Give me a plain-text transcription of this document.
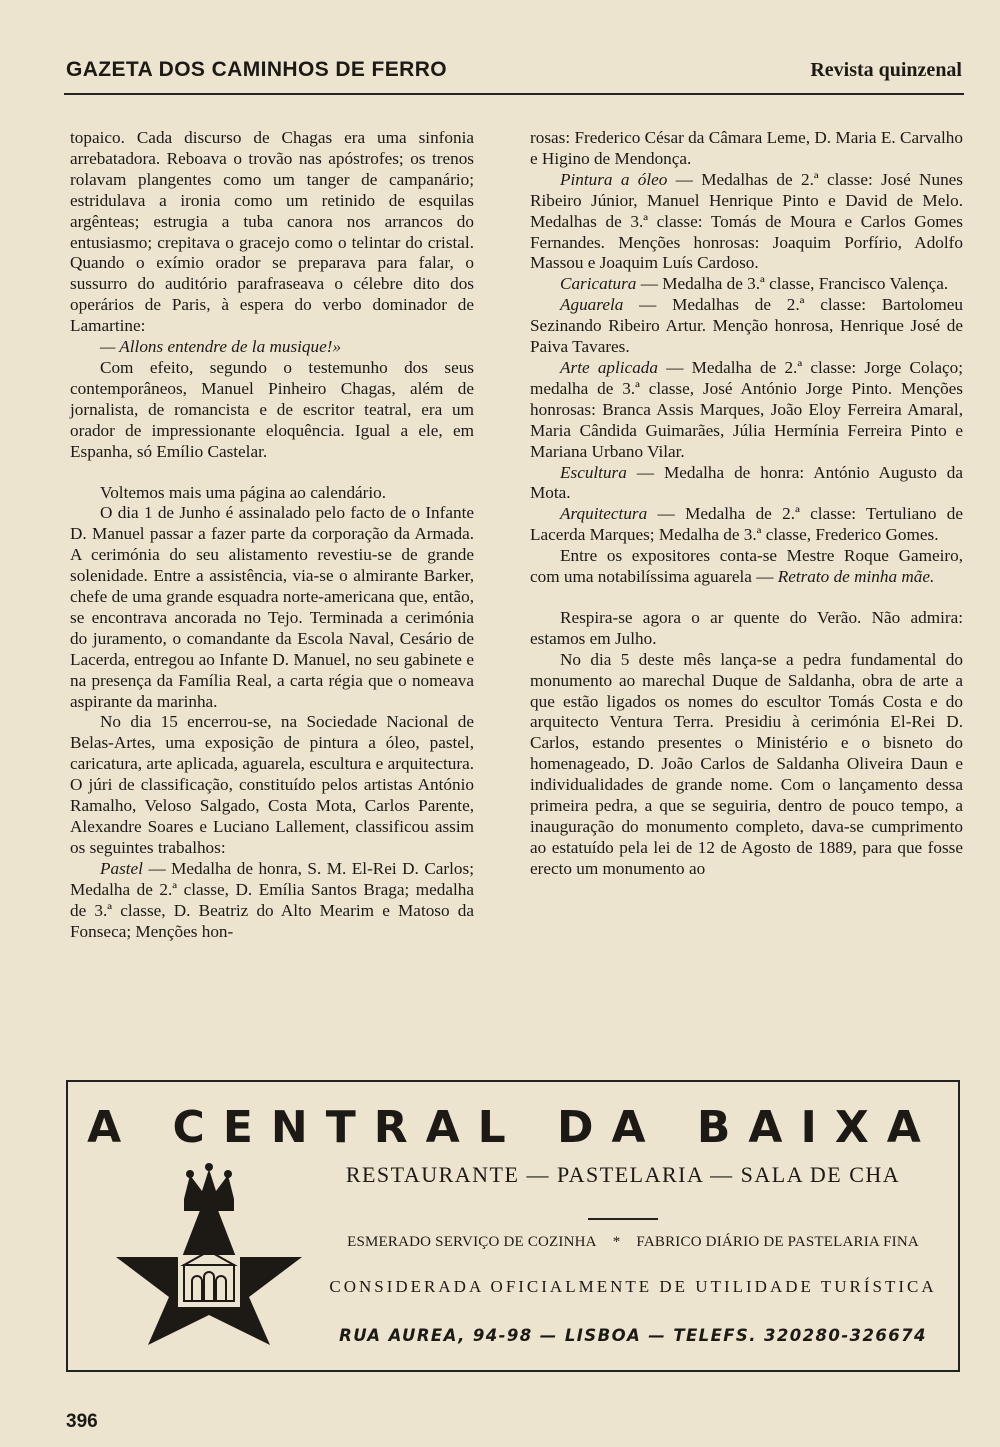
GAZETA DOS CAMINHOS DE FERRO	Revista quinzenal

topaico. Cada discurso de Chagas era uma sinfonia arrebatadora. Reboava o trovão nas apóstrofes; os trenos rolavam plangentes como um tanger de campanário; estridulava a ironia como um retinido de esquilas argênteas; estrugia a tuba canora nos arrancos do entusiasmo; crepitava o gracejo como o telintar do cristal. Quando o exímio orador se preparava para falar, o sussurro do auditório parafraseava o célebre dito dos operários de Paris, à espera do verbo dominador de Lamartine:

— Allons entendre de la musique!»

Com efeito, segundo o testemunho dos seus contemporâneos, Manuel Pinheiro Chagas, além de jornalista, de romancista e de escritor teatral, era um orador de impressionante eloquência. Igual a ele, em Espanha, só Emílio Castelar.

Voltemos mais uma página ao calendário.

O dia 1 de Junho é assinalado pelo facto de o Infante D. Manuel passar a fazer parte da corporação da Armada. A cerimónia do seu alistamento revestiu-se de grande solenidade. Entre a assistência, via-se o almirante Barker, chefe de uma grande esquadra norte-americana que, então, se encontrava ancorada no Tejo. Terminada a cerimónia do juramento, o comandante da Escola Naval, Cesário de Lacerda, entregou ao Infante D. Manuel, no seu gabinete e na presença da Família Real, a carta régia que o nomeava aspirante da marinha.

No dia 15 encerrou-se, na Sociedade Nacional de Belas-Artes, uma exposição de pintura a óleo, pastel, caricatura, arte aplicada, aguarela, escultura e arquitectura. O júri de classificação, constituído pelos artistas António Ramalho, Veloso Salgado, Costa Mota, Carlos Parente, Alexandre Soares e Luciano Lallement, classificou assim os seguintes trabalhos:

Pastel — Medalha de honra, S. M. El-Rei D. Carlos; Medalha de 2.ª classe, D. Emília Santos Braga; medalha de 3.ª classe, D. Beatriz do Alto Mearim e Matoso da Fonseca; Menções hon-

rosas: Frederico César da Câmara Leme, D. Maria E. Carvalho e Higino de Mendonça.

Pintura a óleo — Medalhas de 2.ª classe: José Nunes Ribeiro Júnior, Manuel Henrique Pinto e David de Melo. Medalhas de 3.ª classe: Tomás de Moura e Carlos Gomes Fernandes. Menções honrosas: Joaquim Porfírio, Adolfo Massou e Joaquim Luís Cardoso.

Caricatura — Medalha de 3.ª classe, Francisco Valença.

Aguarela — Medalhas de 2.ª classe: Bartolomeu Sezinando Ribeiro Artur. Menção honrosa, Henrique José de Paiva Tavares.

Arte aplicada — Medalha de 2.ª classe: Jorge Colaço; medalha de 3.ª classe, José António Jorge Pinto. Menções honrosas: Branca Assis Marques, João Eloy Ferreira Amaral, Maria Cândida Guimarães, Júlia Hermínia Ferreira Pinto e Mariana Urbano Vilar.

Escultura — Medalha de honra: António Augusto da Mota.

Arquitectura — Medalha de 2.ª classe: Tertuliano de Lacerda Marques; Medalha de 3.ª classe, Frederico Gomes.

Entre os expositores conta-se Mestre Roque Gameiro, com uma notabilíssima aguarela — Retrato de minha mãe.

Respira-se agora o ar quente do Verão. Não admira: estamos em Julho.

No dia 5 deste mês lança-se a pedra fundamental do monumento ao marechal Duque de Saldanha, obra de arte a que estão ligados os nomes do escultor Tomás Costa e do arquitecto Ventura Terra. Presidiu à cerimónia El-Rei D. Carlos, estando presentes o Ministério e o bisneto do homenageado, D. João Carlos de Saldanha Oliveira Daun e individualidades de grande nome. Com o lançamento dessa primeira pedra, a que se seguiria, dentro de pouco tempo, a inauguração do monumento completo, dava-se cumprimento ao estatuído pela lei de 12 de Agosto de 1889, para que fosse erecto um monumento ao

A CENTRAL DA BAIXA
RESTAURANTE — PASTELARIA — SALA DE CHA
ESMERADO SERVIÇO DE COZINHA * FABRICO DIÁRIO DE PASTELARIA FINA
CONSIDERADA OFICIALMENTE DE UTILIDADE TURÍSTICA
RUA AUREA, 94-98 — LISBOA — TELEFS. 320280-326674
396
